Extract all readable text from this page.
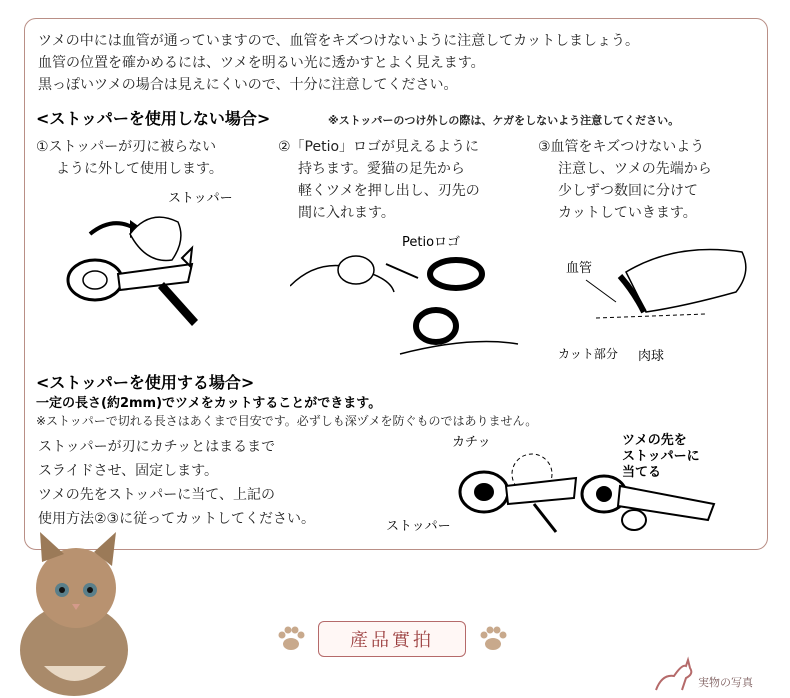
ツメの中には血管が通っていますので、血管をキズつけないように注意してカットしましょう。
血管の位置を確かめるには、ツメを明るい光に透かすとよく見えます。
黒っぽいツメの場合は見えにくいので、十分に注意してください。
<ストッパーを使用しない場合>	※ストッパーのつけ外しの際は、ケガをしないよう注意してください。
①ストッパーが刃に被らない
ように外して使用します。
②「Petio」ロゴが見えるように
持ちます。愛猫の足先から
軽くツメを押し出し、刃先の
間に入れます。
③血管をキズつけないよう
注意し、ツメの先端から
少しずつ数回に分けて
カットしていきます。
ストッパー
Petioロゴ
血管
カット部分 肉球
<ストッパーを使用する場合>
一定の長さ(約2mm)でツメをカットすることができます。
※ストッパーで切れる長さはあくまで目安です。必ずしも深ヅメを防ぐものではありません。
ストッパーが刃にカチッとはまるまで
スライドさせ、固定します。
ツメの先をストッパーに当て、上記の
使用方法②③に従ってカットしてください。
カチッ
ストッパー
ツメの先を
ストッパーに
当てる
產品實拍
実物の写真
